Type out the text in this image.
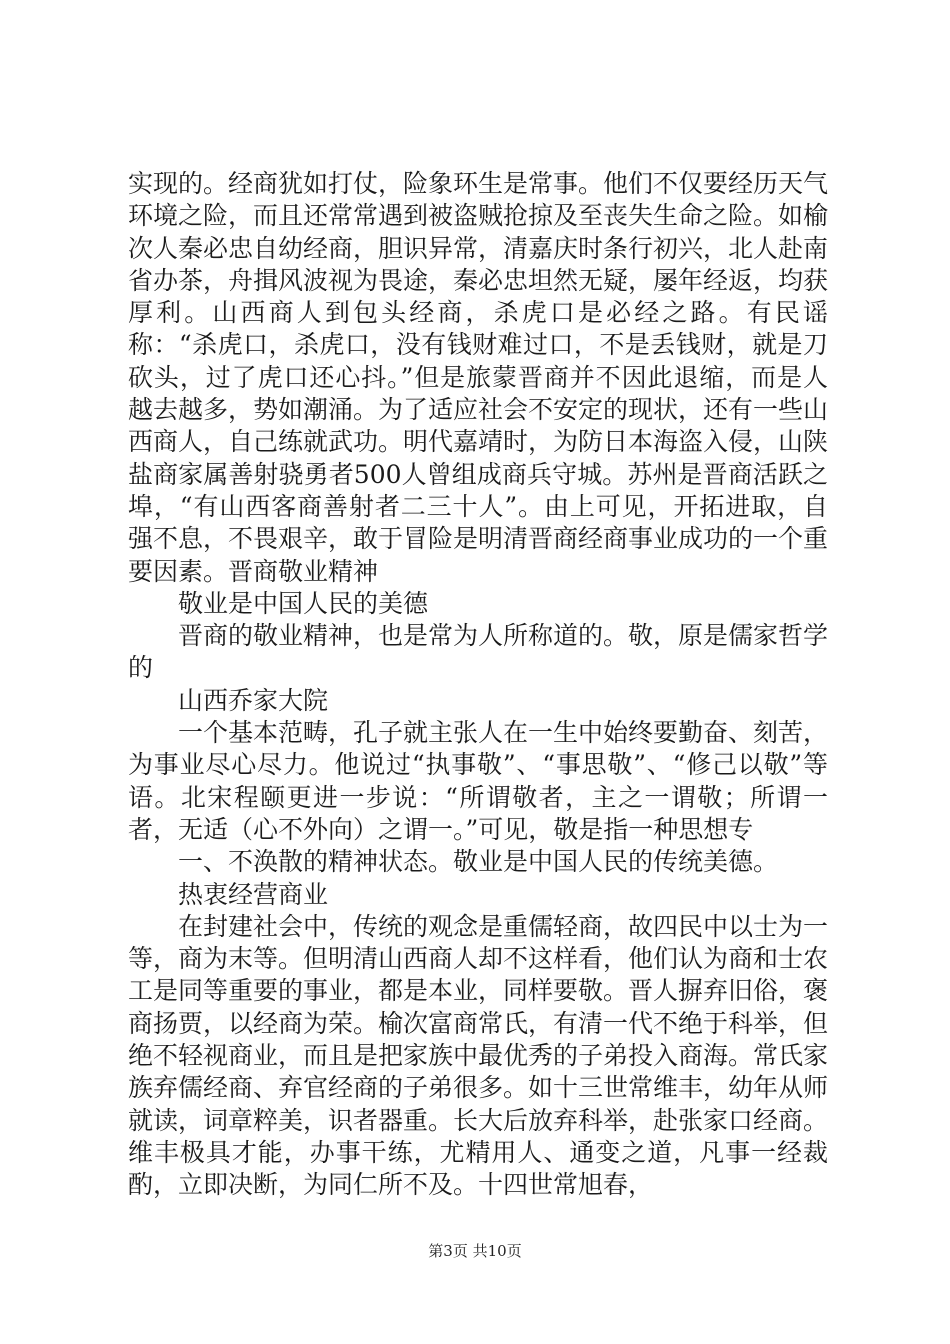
实现的。经商犹如打仗，险象环生是常事。他们不仅要经历天气环境之险，而且还常常遇到被盗贼抢掠及至丧失生命之险。如榆次人秦必忠自幼经商，胆识异常，清嘉庆时条行初兴，北人赴南省办茶，舟揖风波视为畏途，秦必忠坦然无疑，屡年经返，均获厚利。山西商人到包头经商，杀虎口是必经之路。有民谣称：“杀虎口，杀虎口，没有钱财难过口，不是丢钱财，就是刀砍头，过了虎口还心抖。”但是旅蒙晋商并不因此退缩，而是人越去越多，势如潮涌。为了适应社会不安定的现状，还有一些山西商人，自己练就武功。明代嘉靖时，为防日本海盗入侵，山陕盐商家属善射骁勇者500人曾组成商兵守城。苏州是晋商活跃之埠，“有山西客商善射者二三十人”。由上可见，开拓进取，自强不息，不畏艰辛，敢于冒险是明清晋商经商事业成功的一个重要因素。晋商敬业精神

敬业是中国人民的美德

晋商的敬业精神，也是常为人所称道的。敬，原是儒家哲学的

山西乔家大院

一个基本范畴，孔子就主张人在一生中始终要勤奋、刻苦，为事业尽心尽力。他说过“执事敬”、“事思敬”、“修己以敬”等语。北宋程颐更进一步说：“所谓敬者，主之一谓敬；所谓一者，无适（心不外向）之谓一。”可见，敬是指一种思想专

一、不涣散的精神状态。敬业是中国人民的传统美德。

热衷经营商业

在封建社会中，传统的观念是重儒轻商，故四民中以士为一等，商为末等。但明清山西商人却不这样看，他们认为商和士农工是同等重要的事业，都是本业，同样要敬。晋人摒弃旧俗，褒商扬贾，以经商为荣。榆次富商常氏，有清一代不绝于科举，但绝不轻视商业，而且是把家族中最优秀的子弟投入商海。常氏家族弃儒经商、弃官经商的子弟很多。如十三世常维丰，幼年从师就读，词章粹美，识者器重。长大后放弃科举，赴张家口经商。维丰极具才能，办事干练，尤精用人、通变之道，凡事一经裁酌，立即决断，为同仁所不及。十四世常旭春，

第3页 共10页
